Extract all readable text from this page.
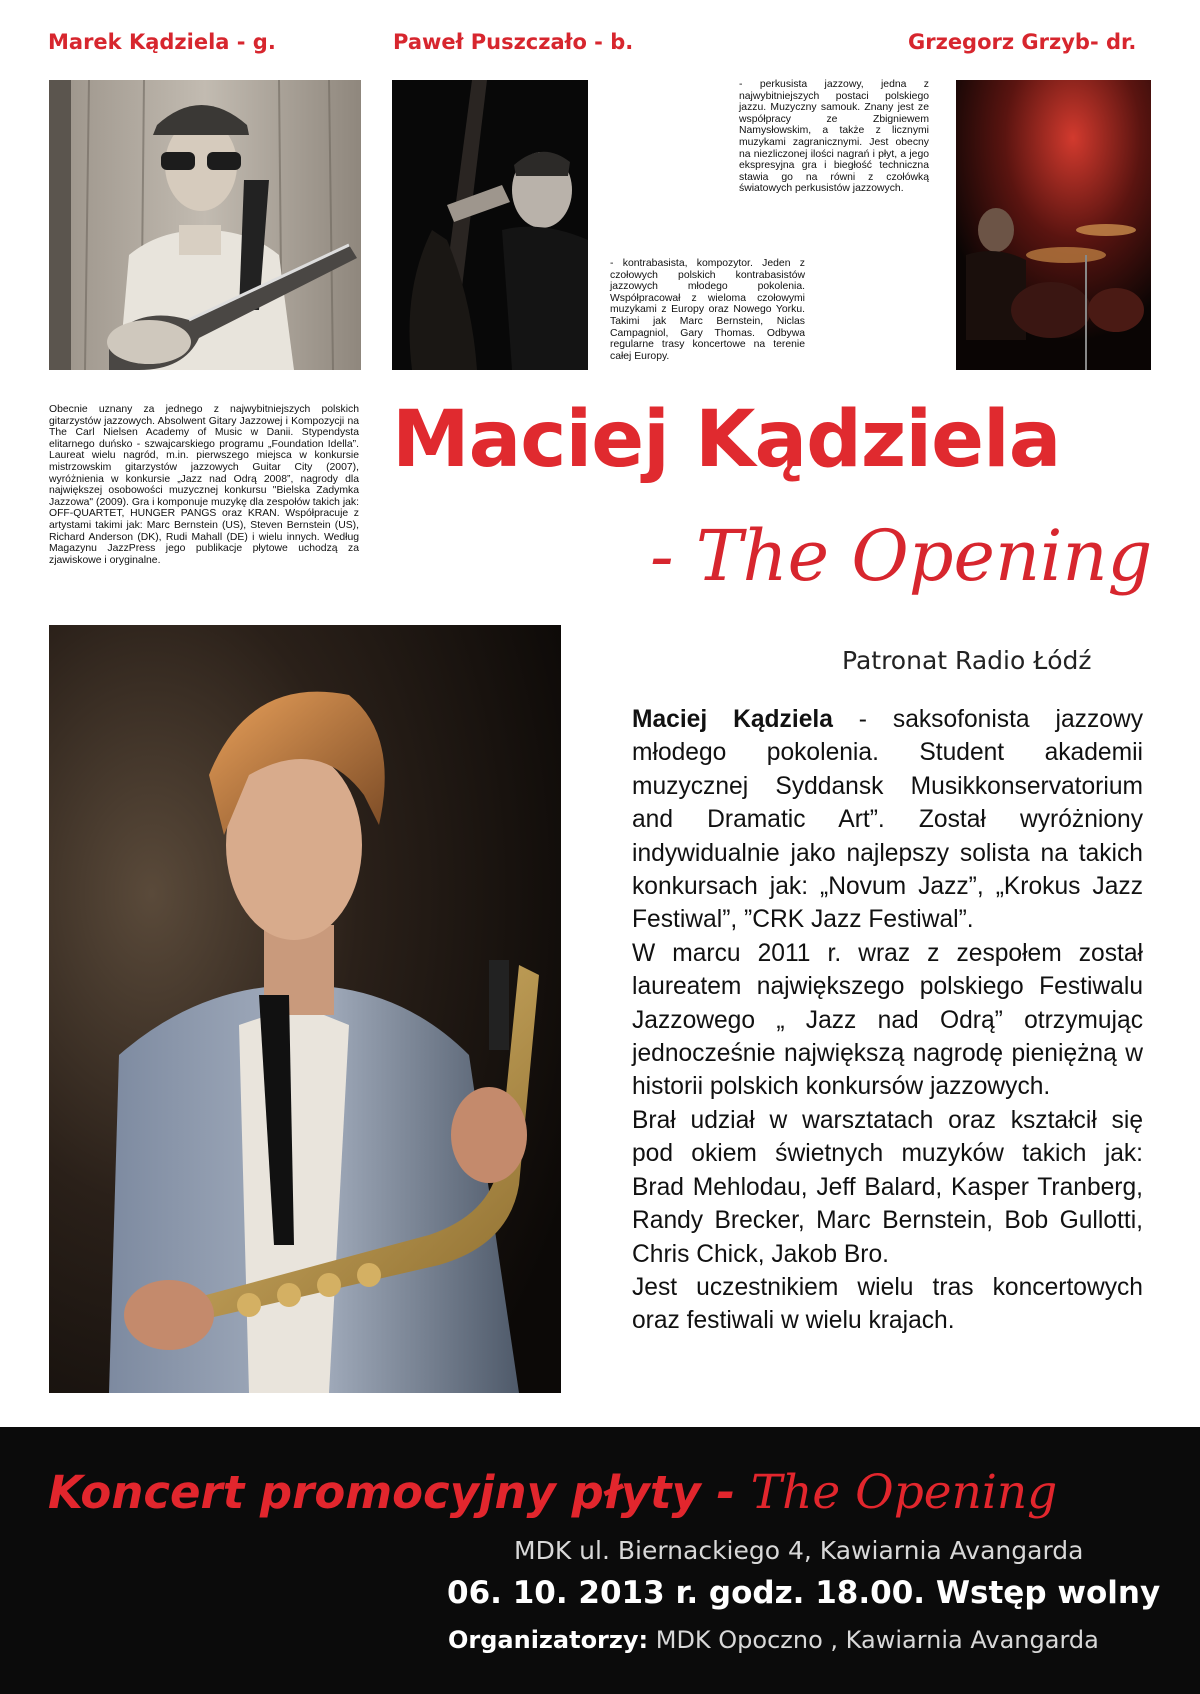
Marek Kądziela - g.	Paweł Puszczało - b.	Grzegorz Grzyb- dr.
- perkusista jazzowy, jedna z najwybitniejszych postaci polskiego jazzu. Muzyczny samouk. Znany jest ze współpracy ze Zbigniewem Namysłowskim, a także z licznymi muzykami zagranicznymi. Jest obecny na niezliczonej ilości nagrań i płyt, a jego ekspresyjna gra i biegłość techniczna stawia go na równi z czołówką światowych perkusistów jazzowych.
- kontrabasista, kompozytor. Jeden z czołowych polskich kontrabasistów jazzowych młodego pokolenia. Współpracował z wieloma czołowymi muzykami z Europy oraz Nowego Yorku. Takimi jak Marc Bernstein, Niclas Campagniol, Gary Thomas. Odbywa regularne trasy koncertowe na terenie całej Europy.
Obecnie uznany za jednego z najwybitniejszych polskich gitarzystów jazzowych. Absolwent Gitary Jazzowej i Kompozycji na The Carl Nielsen Academy of Music w Danii. Stypendysta elitarnego duńsko - szwajcarskiego programu „Foundation Idella”. Laureat wielu nagród, m.in. pierwszego miejsca w konkursie mistrzowskim gitarzystów jazzowych Guitar City (2007), wyróżnienia w konkursie „Jazz nad Odrą 2008”, nagrody dla największej osobowości muzycznej konkursu "Bielska Zadymka Jazzowa" (2009). Gra i komponuje muzykę dla zespołów takich jak: OFF-QUARTET, HUNGER PANGS oraz KRAN. Współpracuje z artystami takimi jak: Marc Bernstein (US), Steven Bernstein (US), Richard Anderson (DK), Rudi Mahall (DE) i wielu innych. Według Magazynu JazzPress jego publikacje płytowe uchodzą za zjawiskowe i oryginalne.
Maciej Kądziela
- The Opening
Patronat Radio Łódź
Maciej Kądziela - saksofonista jazzowy młodego pokolenia. Student akademii muzycznej Syddansk Musikkonservatorium and Dramatic Art”. Został wyróżniony indywidualnie jako najlepszy solista na takich konkursach jak: „Novum Jazz”, „Krokus Jazz Festiwal”, ”CRK Jazz Festiwal”.
W marcu 2011 r. wraz z zespołem został laureatem największego polskiego Festiwalu Jazzowego „ Jazz nad Odrą” otrzymując jednocześnie największą nagrodę pieniężną w historii polskich konkursów jazzowych.
Brał udział w warsztatach oraz kształcił się pod okiem świetnych muzyków takich jak: Brad Mehlodau, Jeff Balard, Kasper Tranberg, Randy Brecker, Marc Bernstein, Bob Gullotti, Chris Chick, Jakob Bro.
Jest uczestnikiem wielu tras koncertowych oraz festiwali w wielu krajach.
Koncert promocyjny płyty - The Opening
MDK ul. Biernackiego 4, Kawiarnia Avangarda
06. 10. 2013 r. godz. 18.00. Wstęp wolny
Organizatorzy: MDK Opoczno , Kawiarnia Avangarda
